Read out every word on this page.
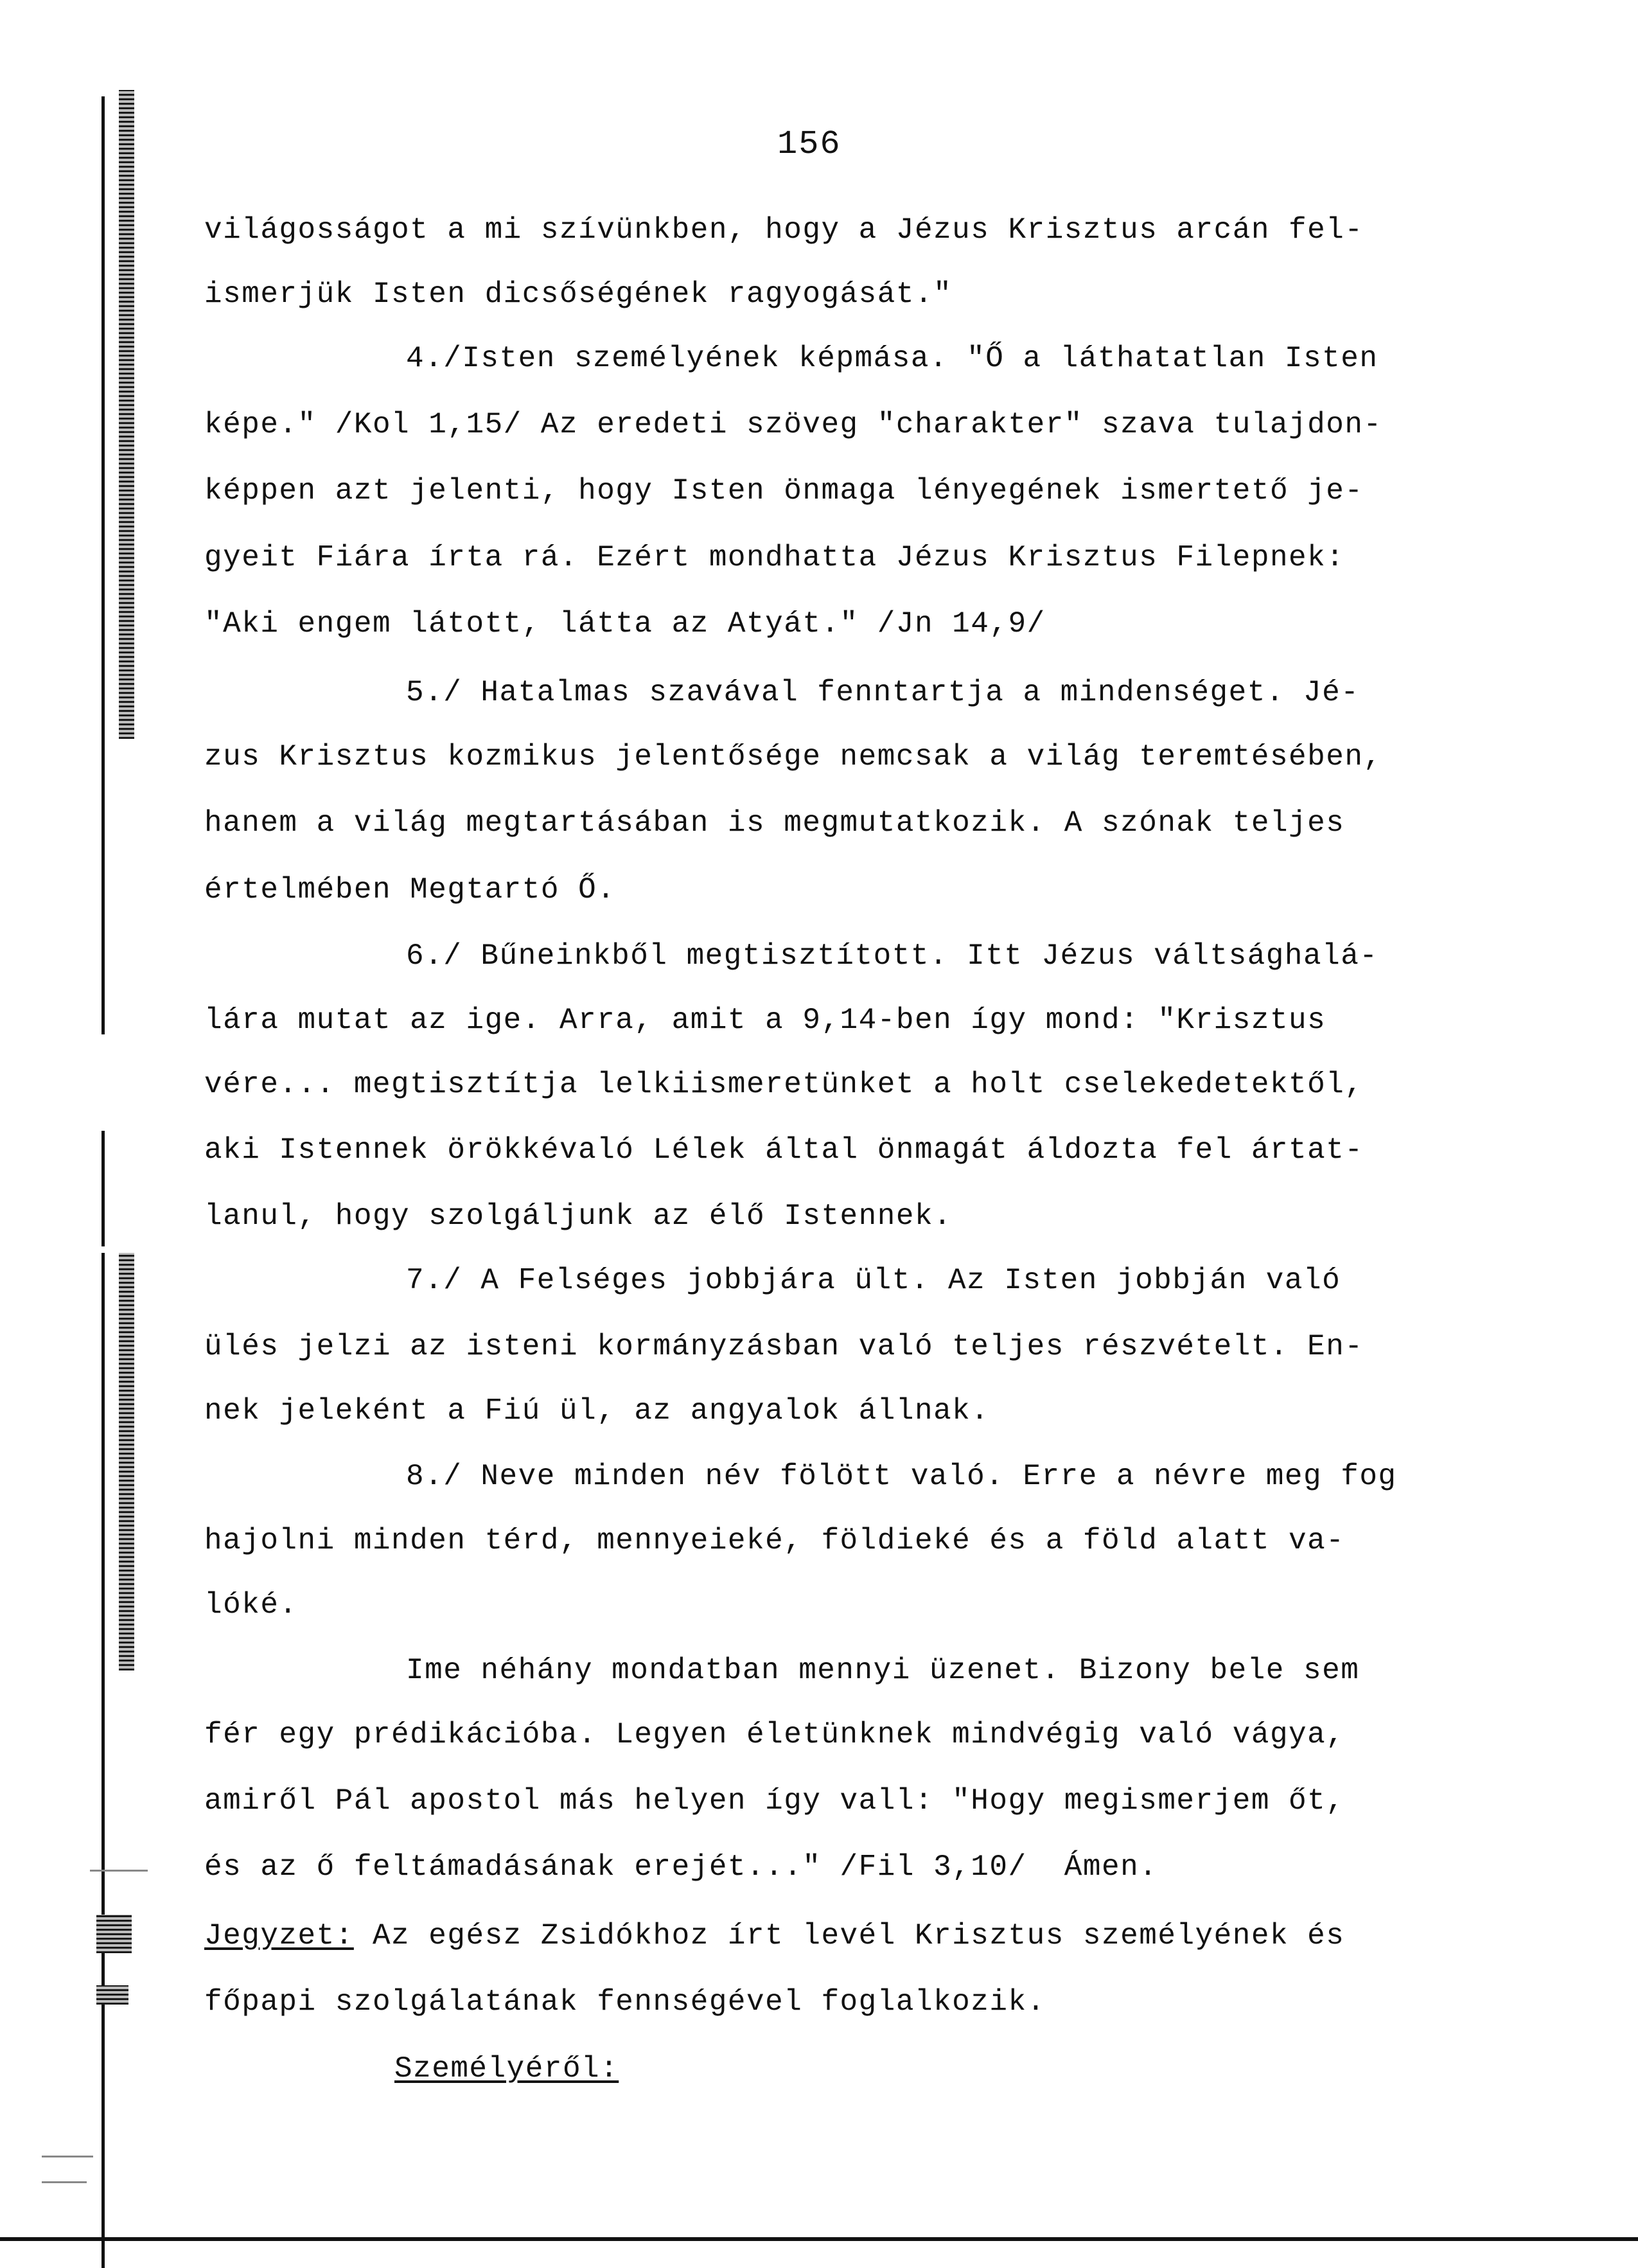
156
világosságot a mi szívünkben, hogy a Jézus Krisztus arcán fel-
ismerjük Isten dicsőségének ragyogását."
4./Isten személyének képmása. "Ő a láthatatlan Isten
képe." /Kol 1,15/ Az eredeti szöveg "charakter" szava tulajdon-
képpen azt jelenti, hogy Isten önmaga lényegének ismertető je-
gyeit Fiára írta rá. Ezért mondhatta Jézus Krisztus Filepnek:
"Aki engem látott, látta az Atyát." /Jn 14,9/
5./ Hatalmas szavával fenntartja a mindenséget. Jé-
zus Krisztus kozmikus jelentősége nemcsak a világ teremtésében,
hanem a világ megtartásában is megmutatkozik. A szónak teljes
értelmében Megtartó Ő.
6./ Bűneinkből megtisztított. Itt Jézus váltsághalá-
lára mutat az ige. Arra, amit a 9,14-ben így mond: "Krisztus
vére... megtisztítja lelkiismeretünket a holt cselekedetektől,
aki Istennek örökkévaló Lélek által önmagát áldozta fel ártat-
lanul, hogy szolgáljunk az élő Istennek.
7./ A Felséges jobbjára ült. Az Isten jobbján való
ülés jelzi az isteni kormányzásban való teljes részvételt. En-
nek jeleként a Fiú ül, az angyalok állnak.
8./ Neve minden név fölött való. Erre a névre meg fog
hajolni minden térd, mennyeieké, földieké és a föld alatt va-
lóké.
Ime néhány mondatban mennyi üzenet. Bizony bele sem
fér egy prédikációba. Legyen életünknek mindvégig való vágya,
amiről Pál apostol más helyen így vall: "Hogy megismerjem őt,
és az ő feltámadásának erejét..." /Fil 3,10/  Ámen.
Jegyzet: Az egész Zsidókhoz írt levél Krisztus személyének és
főpapi szolgálatának fennségével foglalkozik.
Személyéről:
